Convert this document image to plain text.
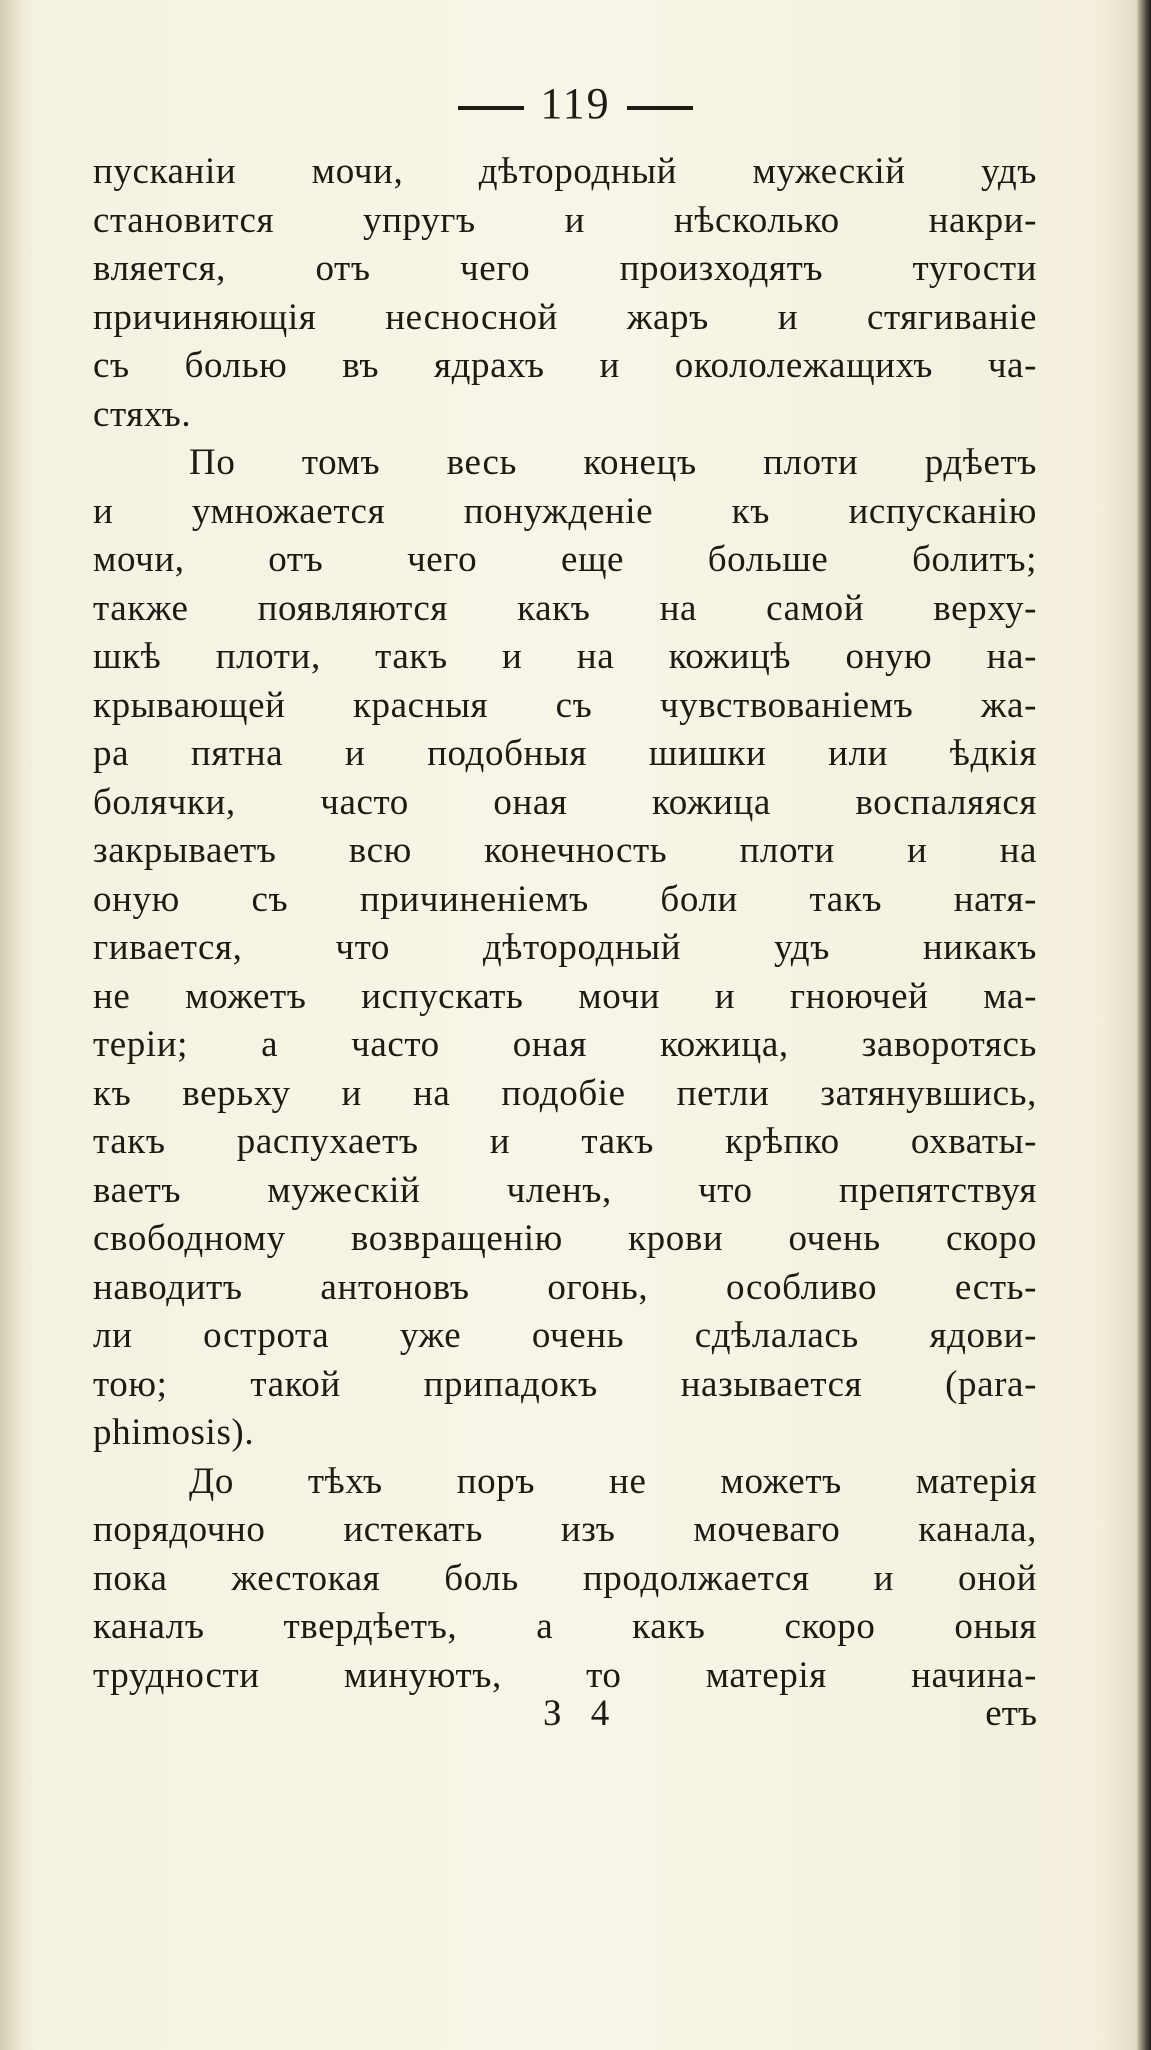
119
пусканіи мочи, дѣтородный мужескій удъ
становится упругъ и нѣсколько накри-
вляется, отъ чего произходятъ тугости
причиняющія несносной жаръ и стягиваніе
съ болью въ ядрахъ и окололежащихъ ча-
стяхъ.
По томъ весь конецъ плоти рдѣетъ
и умножается понужденіе къ испусканію
мочи, отъ чего еще больше болитъ;
также появляются какъ на самой верху-
шкѣ плоти, такъ и на кожицѣ оную на-
крывающей красныя съ чувствованіемъ жа-
ра пятна и подобныя шишки или ѣдкія
болячки, часто оная кожица воспаляяся
закрываетъ всю конечность плоти и на
оную съ причиненіемъ боли такъ натя-
гивается, что дѣтородный удъ никакъ
не можетъ испускать мочи и гноючей ма-
теріи; а часто оная кожица, заворотясь
къ верьху и на подобіе петли затянувшись,
такъ распухаетъ и такъ крѣпко охваты-
ваетъ мужескій членъ, что препятствуя
свободному возвращенію крови очень скоро
наводитъ антоновъ огонь, особливо есть-
ли острота уже очень сдѣлалась ядови-
тою; такой припадокъ называется (para-
phimosis).
До тѣхъ поръ не можетъ матерія
порядочно истекать изъ мочеваго канала,
пока жестокая боль продолжается и оной
каналъ твердѣетъ, а какъ скоро оныя
трудности минуютъ, то матерія начина-
З 4	етъ
